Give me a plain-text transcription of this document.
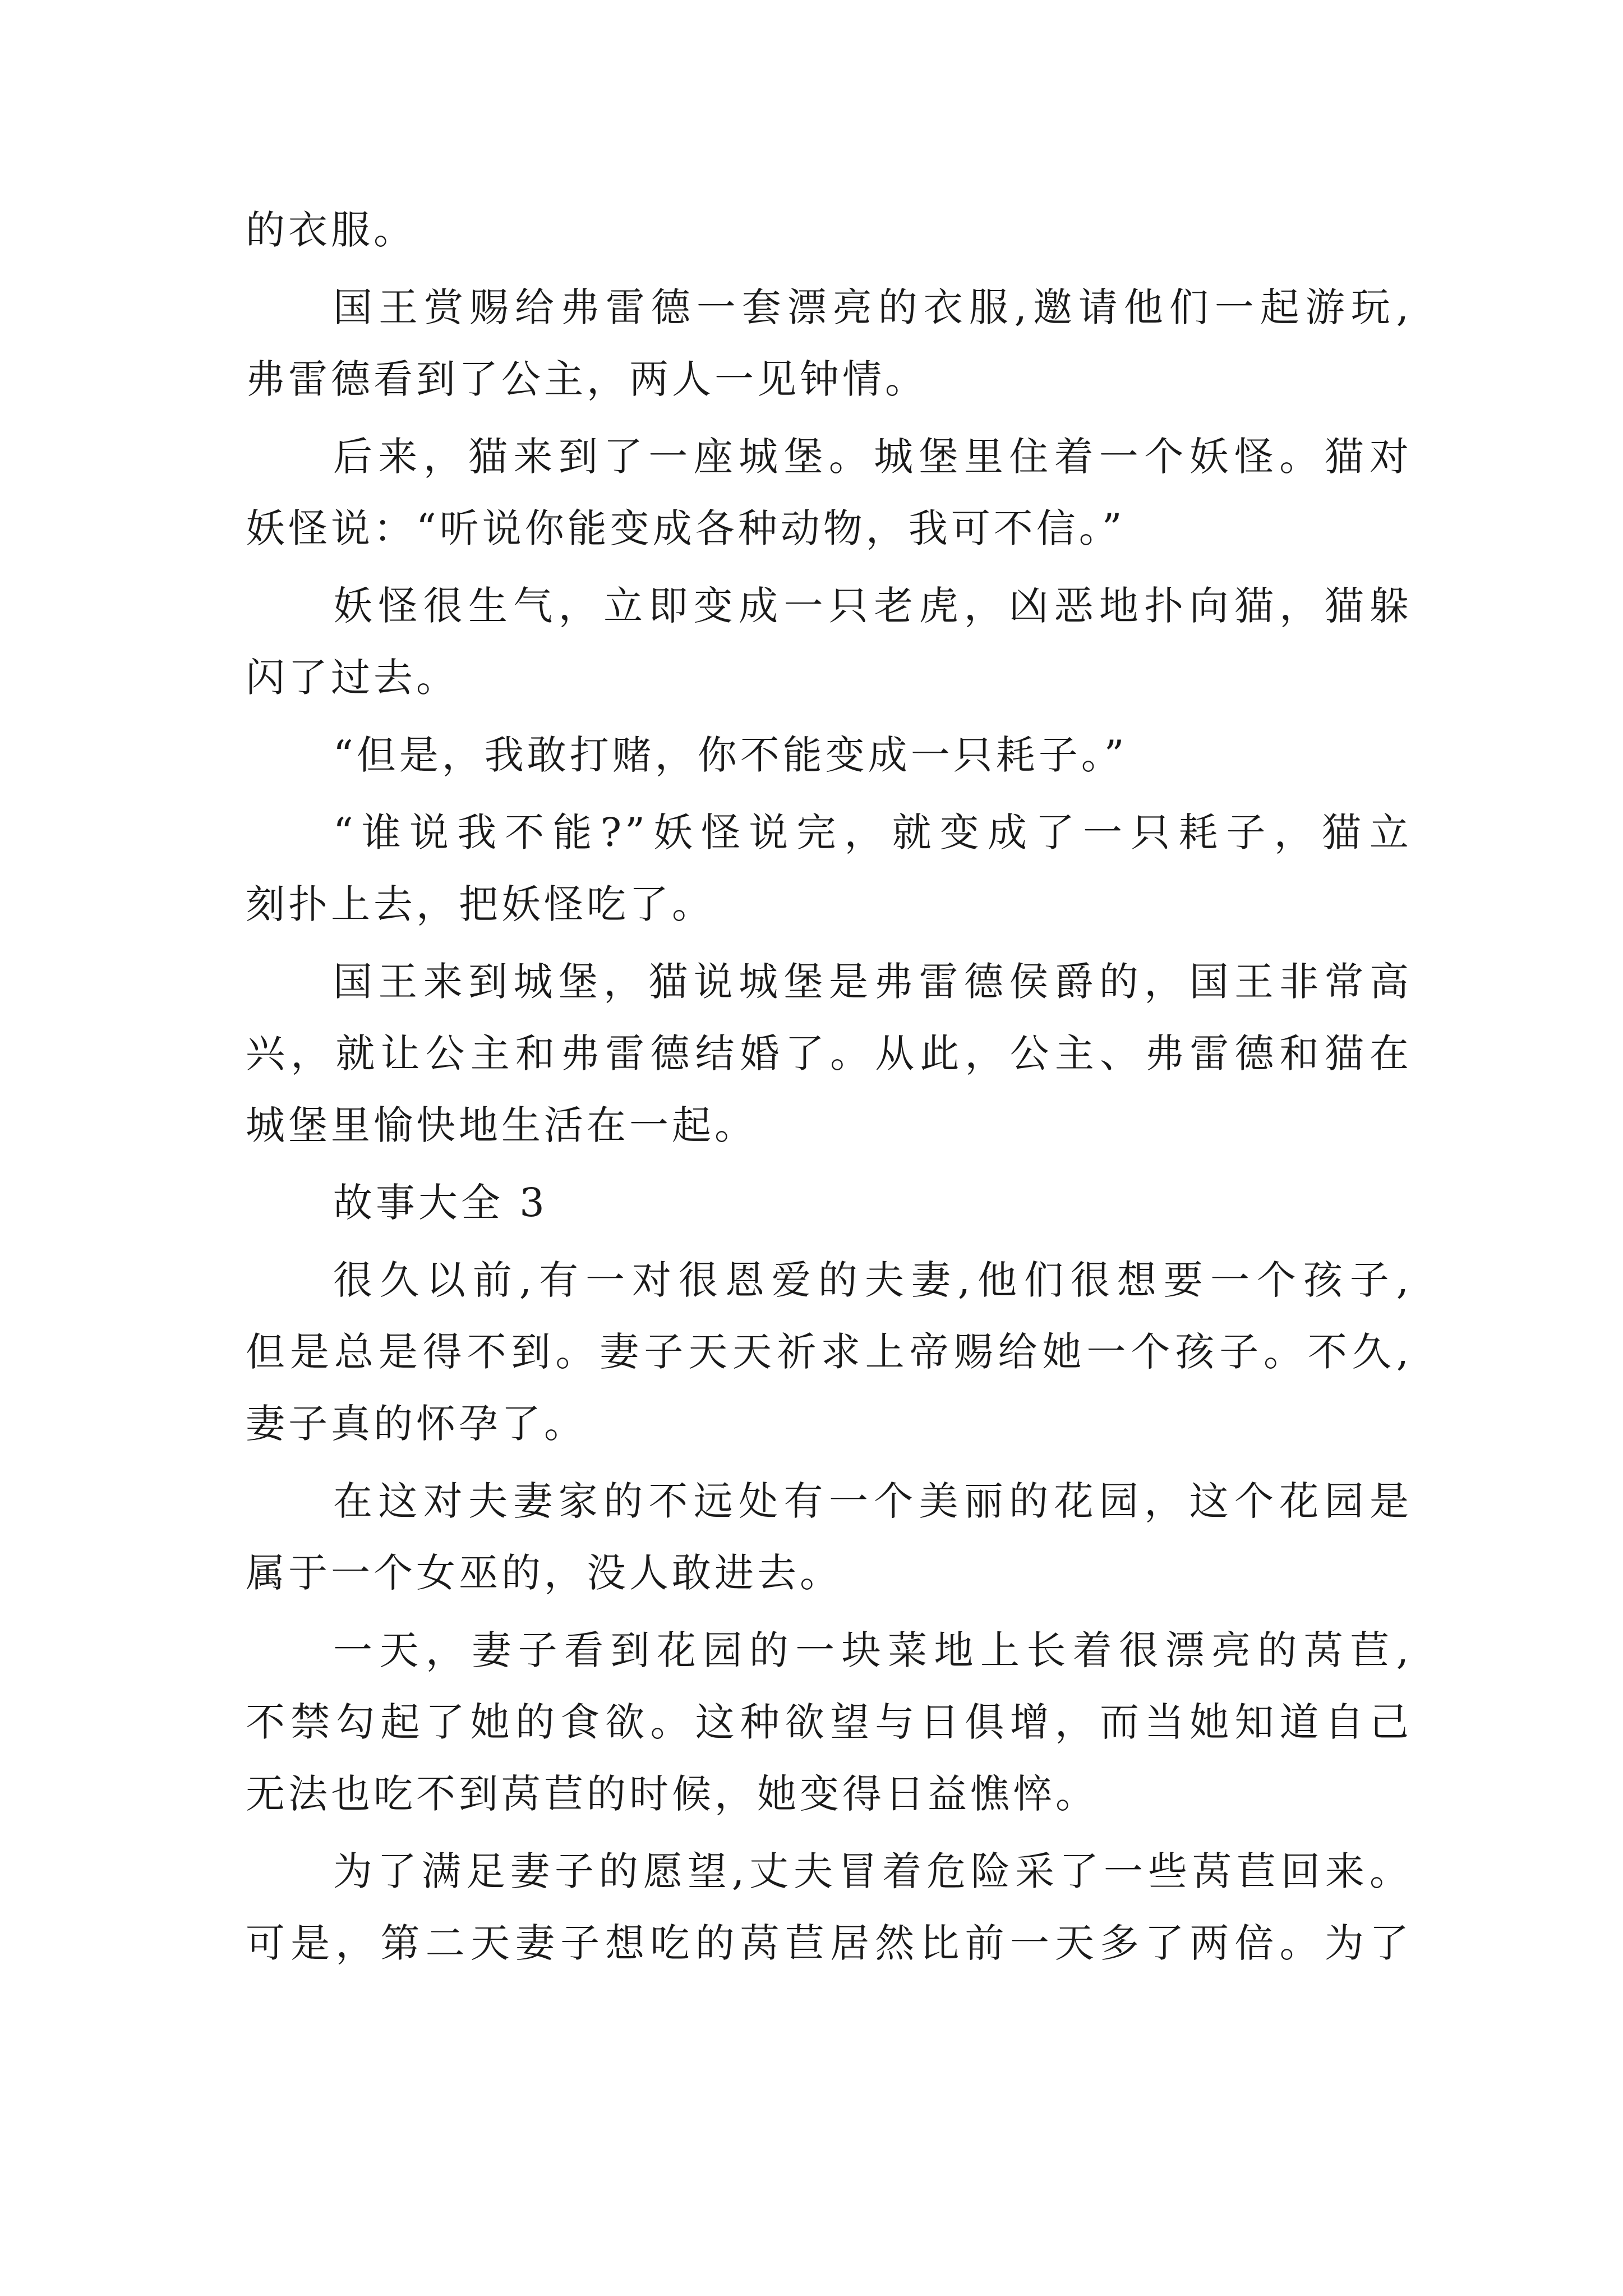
的衣服。
国王赏赐给弗雷德一套漂亮的衣服,邀请他们一起游玩,
弗雷德看到了公主，两人一见钟情。
后来，猫来到了一座城堡。城堡里住着一个妖怪。猫对
妖怪说：“听说你能变成各种动物，我可不信。”
妖怪很生气，立即变成一只老虎，凶恶地扑向猫，猫躲
闪了过去。
“但是，我敢打赌，你不能变成一只耗子。”
“谁说我不能?”妖怪说完，就变成了一只耗子，猫立
刻扑上去，把妖怪吃了。
国王来到城堡，猫说城堡是弗雷德侯爵的，国王非常高
兴，就让公主和弗雷德结婚了。从此，公主、弗雷德和猫在
城堡里愉快地生活在一起。
故事大全 3
很久以前,有一对很恩爱的夫妻,他们很想要一个孩子,
但是总是得不到。妻子天天祈求上帝赐给她一个孩子。不久,
妻子真的怀孕了。
在这对夫妻家的不远处有一个美丽的花园，这个花园是
属于一个女巫的，没人敢进去。
一天，妻子看到花园的一块菜地上长着很漂亮的莴苣,
不禁勾起了她的食欲。这种欲望与日俱增，而当她知道自己
无法也吃不到莴苣的时候，她变得日益憔悴。
为了满足妻子的愿望,丈夫冒着危险采了一些莴苣回来。
可是，第二天妻子想吃的莴苣居然比前一天多了两倍。为了
